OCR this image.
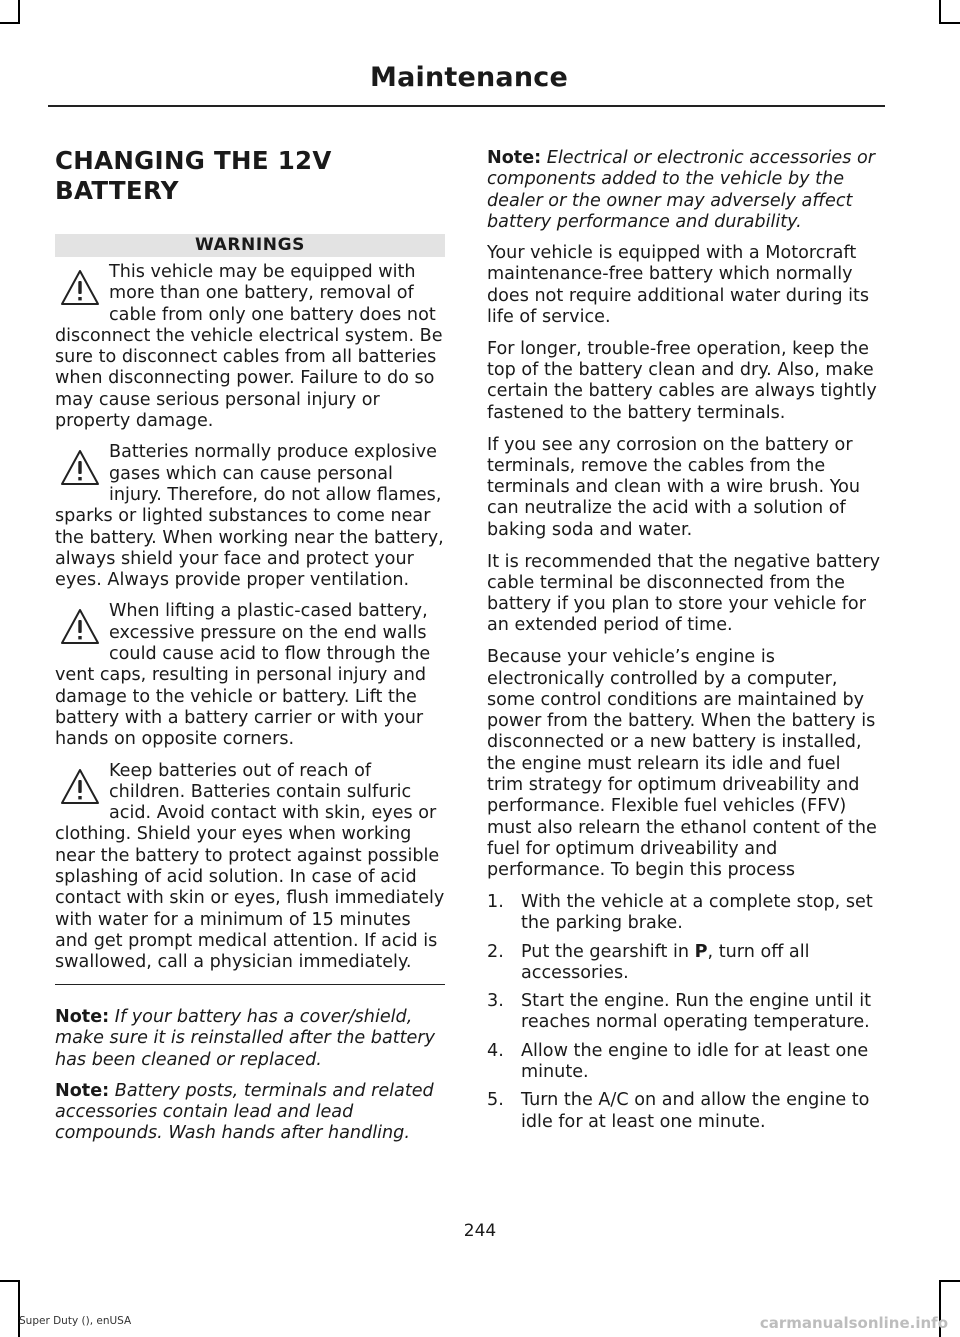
Maintenance
CHANGING THE 12V BATTERY
WARNINGS

This vehicle may be equipped with more than one battery, removal of cable from only one battery does not disconnect the vehicle electrical system. Be sure to disconnect cables from all batteries when disconnecting power. Failure to do so may cause serious personal injury or property damage.

Batteries normally produce explosive gases which can cause personal injury. Therefore, do not allow flames, sparks or lighted substances to come near the battery. When working near the battery, always shield your face and protect your eyes. Always provide proper ventilation.

When lifting a plastic-cased battery, excessive pressure on the end walls could cause acid to flow through the vent caps, resulting in personal injury and damage to the vehicle or battery. Lift the battery with a battery carrier or with your hands on opposite corners.

Keep batteries out of reach of children. Batteries contain sulfuric acid. Avoid contact with skin, eyes or clothing. Shield your eyes when working near the battery to protect against possible splashing of acid solution. In case of acid contact with skin or eyes, flush immediately with water for a minimum of 15 minutes and get prompt medical attention. If acid is swallowed, call a physician immediately.

Note: If your battery has a cover/shield, make sure it is reinstalled after the battery has been cleaned or replaced.

Note: Battery posts, terminals and related accessories contain lead and lead compounds. Wash hands after handling.

Note: Electrical or electronic accessories or components added to the vehicle by the dealer or the owner may adversely affect battery performance and durability.

Your vehicle is equipped with a Motorcraft maintenance-free battery which normally does not require additional water during its life of service.

For longer, trouble-free operation, keep the top of the battery clean and dry. Also, make certain the battery cables are always tightly fastened to the battery terminals.

If you see any corrosion on the battery or terminals, remove the cables from the terminals and clean with a wire brush. You can neutralize the acid with a solution of baking soda and water.

It is recommended that the negative battery cable terminal be disconnected from the battery if you plan to store your vehicle for an extended period of time.

Because your vehicle’s engine is electronically controlled by a computer, some control conditions are maintained by power from the battery. When the battery is disconnected or a new battery is installed, the engine must relearn its idle and fuel trim strategy for optimum driveability and performance. Flexible fuel vehicles (FFV) must also relearn the ethanol content of the fuel for optimum driveability and performance. To begin this process

1. With the vehicle at a complete stop, set the parking brake.
2. Put the gearshift in P, turn off all accessories.
3. Start the engine. Run the engine until it reaches normal operating temperature.
4. Allow the engine to idle for at least one minute.
5. Turn the A/C on and allow the engine to idle for at least one minute.
244
Super Duty (), enUSA	carmanualsonline.info
